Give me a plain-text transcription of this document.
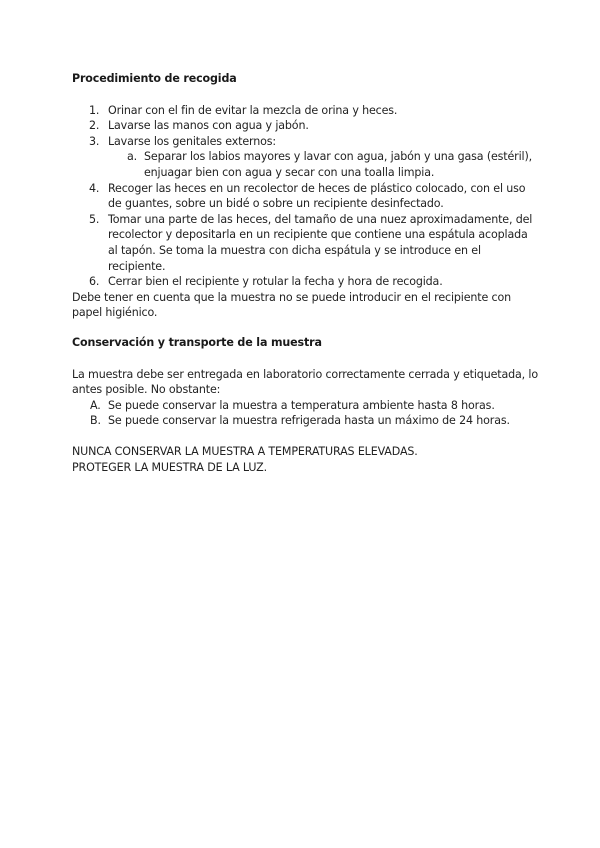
Procedimiento de recogida

1. Orinar con el fin de evitar la mezcla de orina y heces.
2. Lavarse las manos con agua y jabón.
3. Lavarse los genitales externos:
a. Separar los labios mayores y lavar con agua, jabón y una gasa (estéril), enjuagar bien con agua y secar con una toalla limpia.
4. Recoger las heces en un recolector de heces de plástico colocado, con el uso de guantes, sobre un bidé o sobre un recipiente desinfectado.
5. Tomar una parte de las heces, del tamaño de una nuez aproximadamente, del recolector y depositarla en un recipiente que contiene una espátula acoplada al tapón. Se toma la muestra con dicha espátula y se introduce en el recipiente.
6. Cerrar bien el recipiente y rotular la fecha y hora de recogida.

Debe tener en cuenta que la muestra no se puede introducir en el recipiente con papel higiénico.

Conservación y transporte de la muestra

La muestra debe ser entregada en laboratorio correctamente cerrada y etiquetada, lo antes posible. No obstante:

A. Se puede conservar la muestra a temperatura ambiente hasta 8 horas.
B. Se puede conservar la muestra refrigerada hasta un máximo de 24 horas.

NUNCA CONSERVAR LA MUESTRA A TEMPERATURAS ELEVADAS.

PROTEGER LA MUESTRA DE LA LUZ.
